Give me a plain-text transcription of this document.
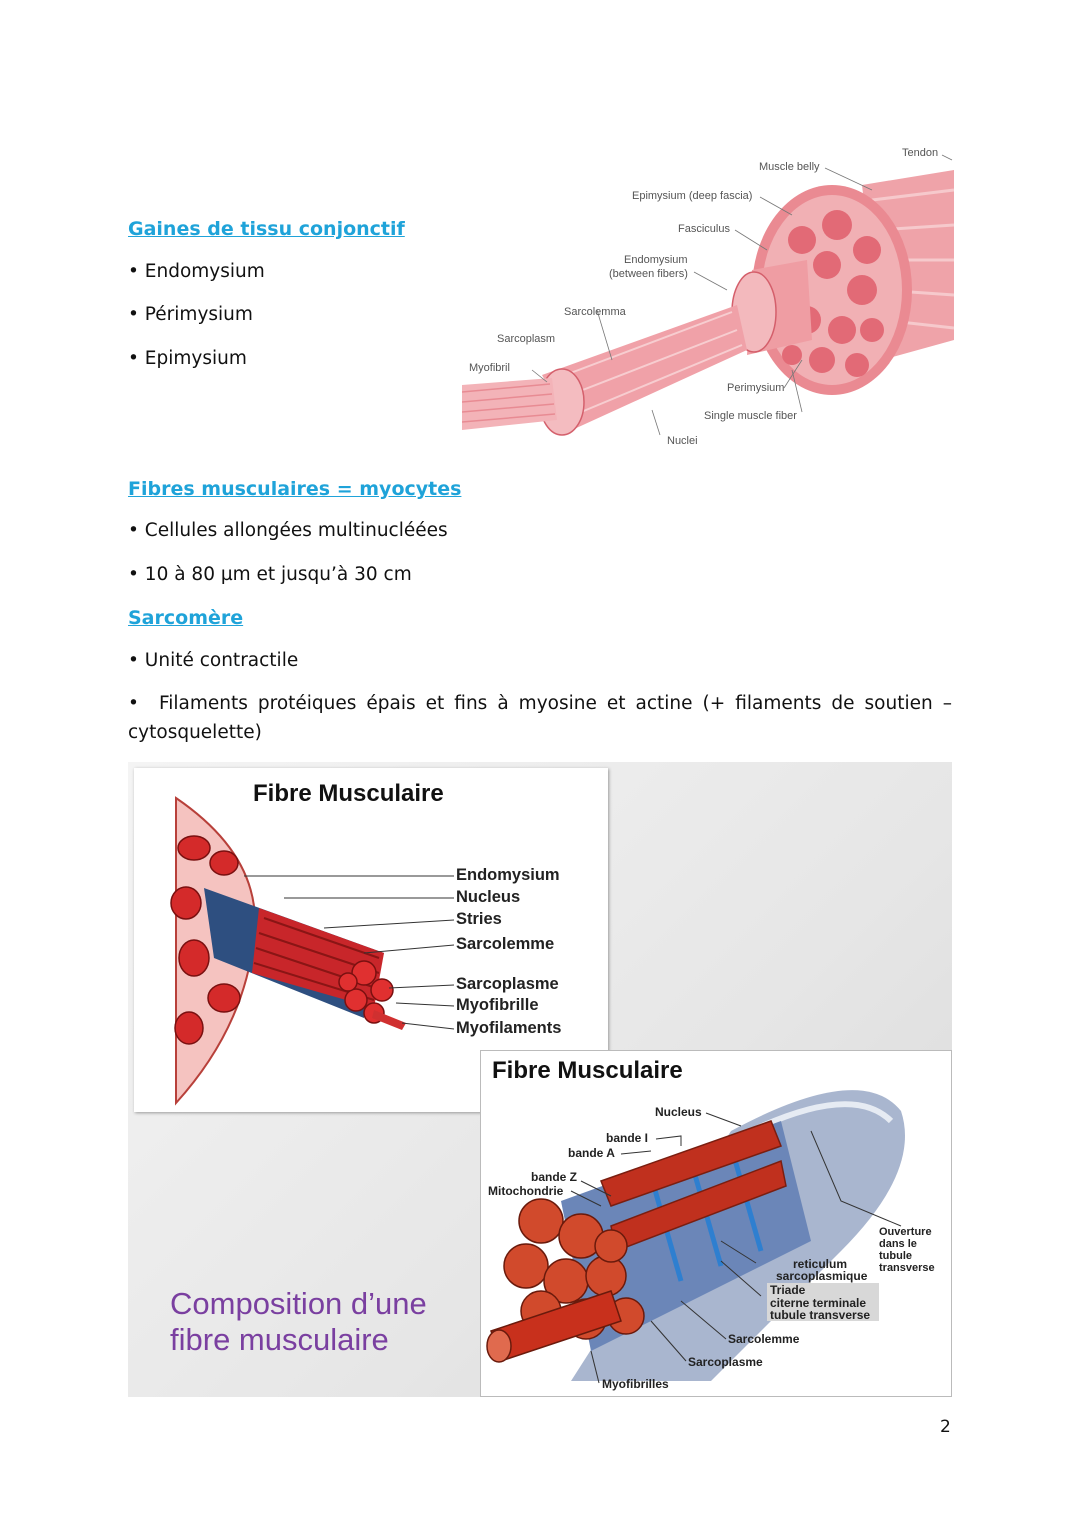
Gaines de tissu conjonctif
• Endomysium
• Périmysium
• Epimysium
Tendon
Muscle belly
Epimysium (deep fascia)
Fasciculus
Endomysium
(between fibers)
Sarcolemma
Sarcoplasm
Myofibril
Perimysium
Single muscle fiber
Nuclei
Fibres musculaires = myocytes
• Cellules allongées multinucléées
• 10 à 80 µm et jusqu’à 30 cm
Sarcomère
• Unité contractile
•  Filaments protéiques épais et fins à myosine et actine (+ filaments de soutien – cytosquelette)
Fibre Musculaire
Endomysium
Nucleus
Stries
Sarcolemme
Sarcoplasme
Myofibrille
Myofilaments
Fibre Musculaire
Nucleus
bande I
bande A
bande Z
Mitochondrie
Ouverture dans le tubule transverse
reticulum
sarcoplasmique
Triade
citerne terminale
tubule transverse
Sarcolemme
Sarcoplasme
Myofibrilles
Composition d’une
fibre musculaire
2
